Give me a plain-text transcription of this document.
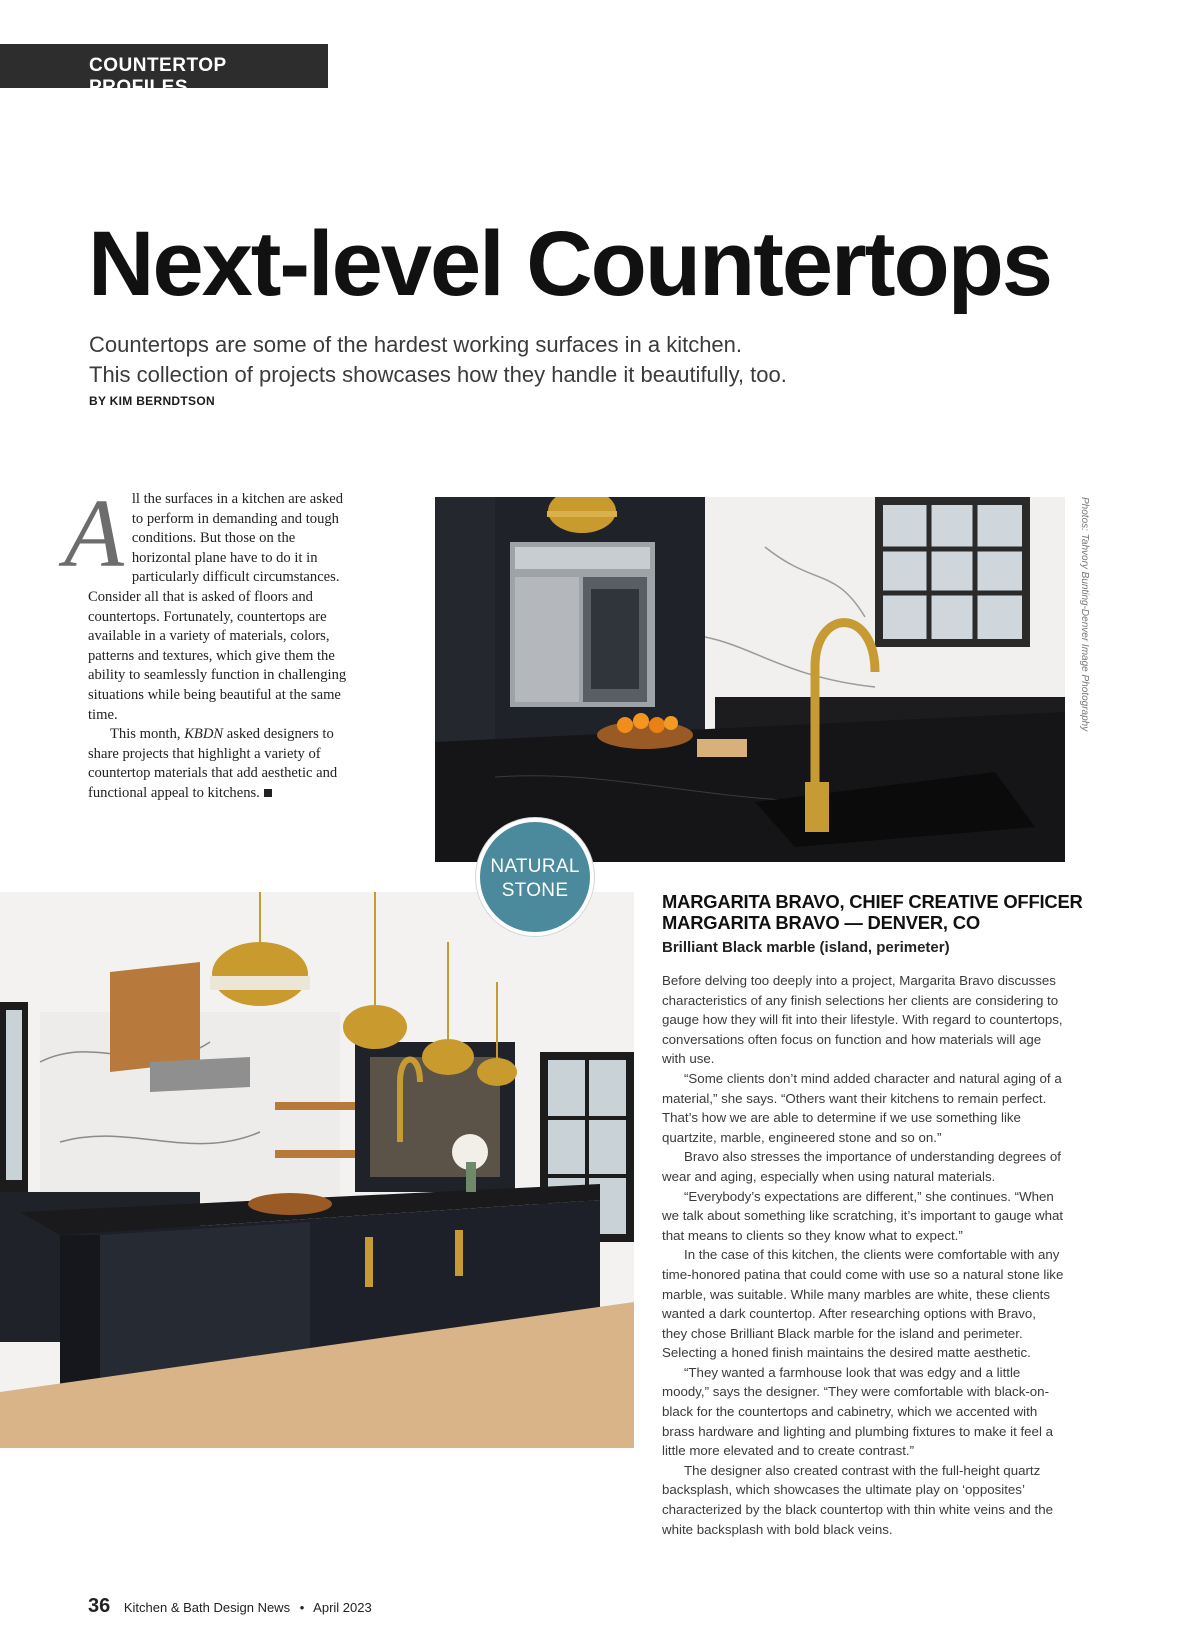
COUNTERTOP PROFILES
Next-level Countertops
Countertops are some of the hardest working surfaces in a kitchen.
This collection of projects showcases how they handle it beautifully, too.
BY KIM BERNDTSON
A ll the surfaces in a kitchen are asked to perform in demanding and tough conditions. But those on the horizontal plane have to do it in particularly difficult circumstances. Consider all that is asked of floors and countertops. Fortunately, countertops are available in a variety of materials, colors, patterns and textures, which give them the ability to seamlessly function in challenging situations while being beautiful at the same time.

This month, KBDN asked designers to share projects that highlight a variety of countertop materials that add aesthetic and functional appeal to kitchens.

Photos: Tahvory Bunting-Denver Image Photography
NATURAL
STONE
MARGARITA BRAVO, CHIEF CREATIVE OFFICER
MARGARITA BRAVO — DENVER, CO
Brilliant Black marble (island, perimeter)

Before delving too deeply into a project, Margarita Bravo discusses characteristics of any finish selections her clients are considering to gauge how they will fit into their lifestyle. With regard to countertops, conversations often focus on function and how materials will age with use.

“Some clients don’t mind added character and natural aging of a material,” she says. “Others want their kitchens to remain perfect. That’s how we are able to determine if we use something like quartzite, marble, engineered stone and so on.”

Bravo also stresses the importance of understanding degrees of wear and aging, especially when using natural materials.

“Everybody’s expectations are different,” she continues. “When we talk about something like scratching, it’s important to gauge what that means to clients so they know what to expect.”

In the case of this kitchen, the clients were comfortable with any time-honored patina that could come with use so a natural stone like marble, was suitable. While many marbles are white, these clients wanted a dark countertop. After researching options with Bravo, they chose Brilliant Black marble for the island and perimeter. Selecting a honed finish maintains the desired matte aesthetic.

“They wanted a farmhouse look that was edgy and a little moody,” says the designer. “They were comfortable with black-on-black for the countertops and cabinetry, which we accented with brass hardware and lighting and plumbing fixtures to make it feel a little more elevated and to create contrast.”

The designer also created contrast with the full-height quartz backsplash, which showcases the ultimate play on ‘opposites’ characterized by the black countertop with thin white veins and the white backsplash with bold black veins.

36 Kitchen & Bath Design News • April 2023
